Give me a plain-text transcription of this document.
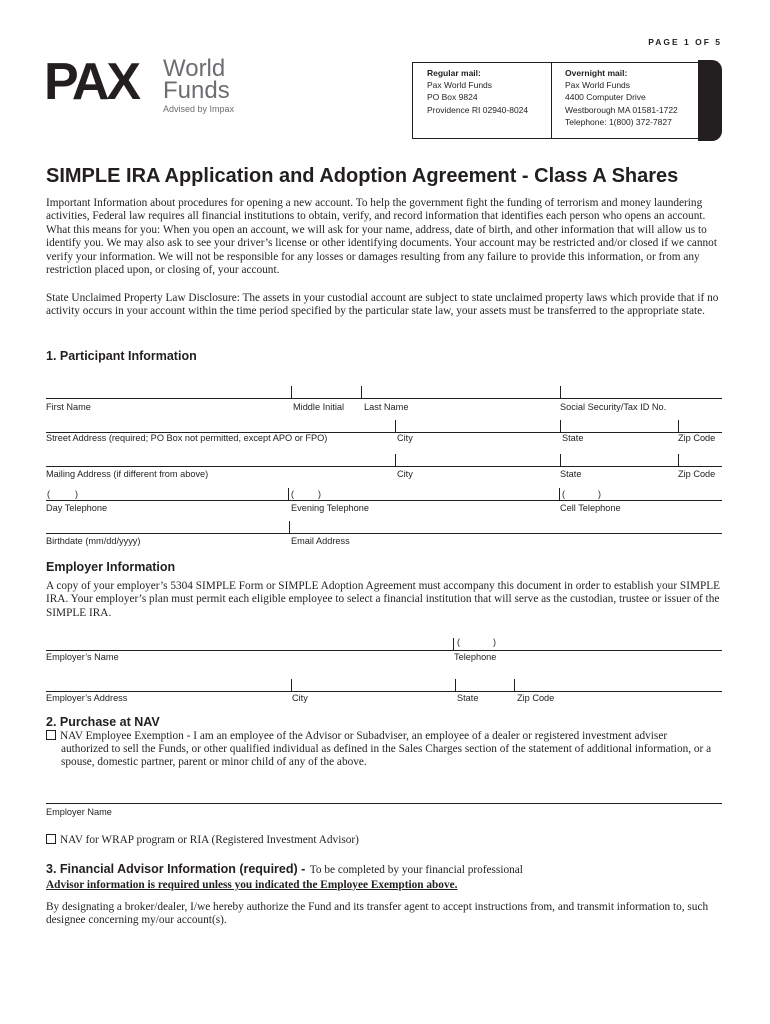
PAGE 1 OF 5
PAX World
Funds
Advised by Impax
Regular mail:
Pax World Funds
PO Box 9824
Providence RI 02940-8024
Overnight mail:
Pax World Funds
4400 Computer Drive
Westborough MA 01581-1722
Telephone: 1(800) 372-7827
SIMPLE IRA Application and Adoption Agreement - Class A Shares
Important Information about procedures for opening a new account. To help the government fight the funding of terrorism and money laundering activities, Federal law requires all financial institutions to obtain, verify, and record information that identifies each person who opens an account. What this means for you: When you open an account, we will ask for your name, address, date of birth, and other information that will allow us to identify you. We may also ask to see your driver’s license or other identifying documents. Your account may be restricted and/or closed if we cannot verify your information. We will not be responsible for any losses or damages resulting from any failure to provide this information, or from any restriction placed upon, or closing of, your account.
State Unclaimed Property Law Disclosure: The assets in your custodial account are subject to state unclaimed property laws which provide that if no activity occurs in your account within the time period specified by the particular state law, your assets must be transferred to the appropriate state.
1. Participant Information
First Name	Middle Initial Last Name	Social Security/Tax ID No.
Street Address (required; PO Box not permitted, except APO or FPO)	City	State	Zip Code
Mailing Address (if different from above)	City	State	Zip Code
(	)	(	)	(	)
Day Telephone	Evening Telephone	Cell Telephone
Birthdate (mm/dd/yyyy)	Email Address
Employer Information
A copy of your employer’s 5304 SIMPLE Form or SIMPLE Adoption Agreement must accompany this document in order to establish your SIMPLE IRA. Your employer’s plan must permit each eligible employee to select a financial institution that will serve as the custodian, trustee or issuer of the SIMPLE IRA.
(	)
Employer’s Name	Telephone
Employer’s Address	City	State	Zip Code
2. Purchase at NAV
NAV Employee Exemption - I am an employee of the Advisor or Subadviser, an employee of a dealer or registered investment adviser
authorized to sell the Funds, or other qualified individual as defined in the Sales Charges section of the statement of additional information, or a spouse, domestic partner, parent or minor child of any of the above.
Employer Name
NAV for WRAP program or RIA (Registered Investment Advisor)
3. Financial Advisor Information (required) - To be completed by your financial professional
Advisor information is required unless you indicated the Employee Exemption above.
By designating a broker/dealer, I/we hereby authorize the Fund and its transfer agent to accept instructions from, and transmit information to, such designee concerning my/our account(s).
